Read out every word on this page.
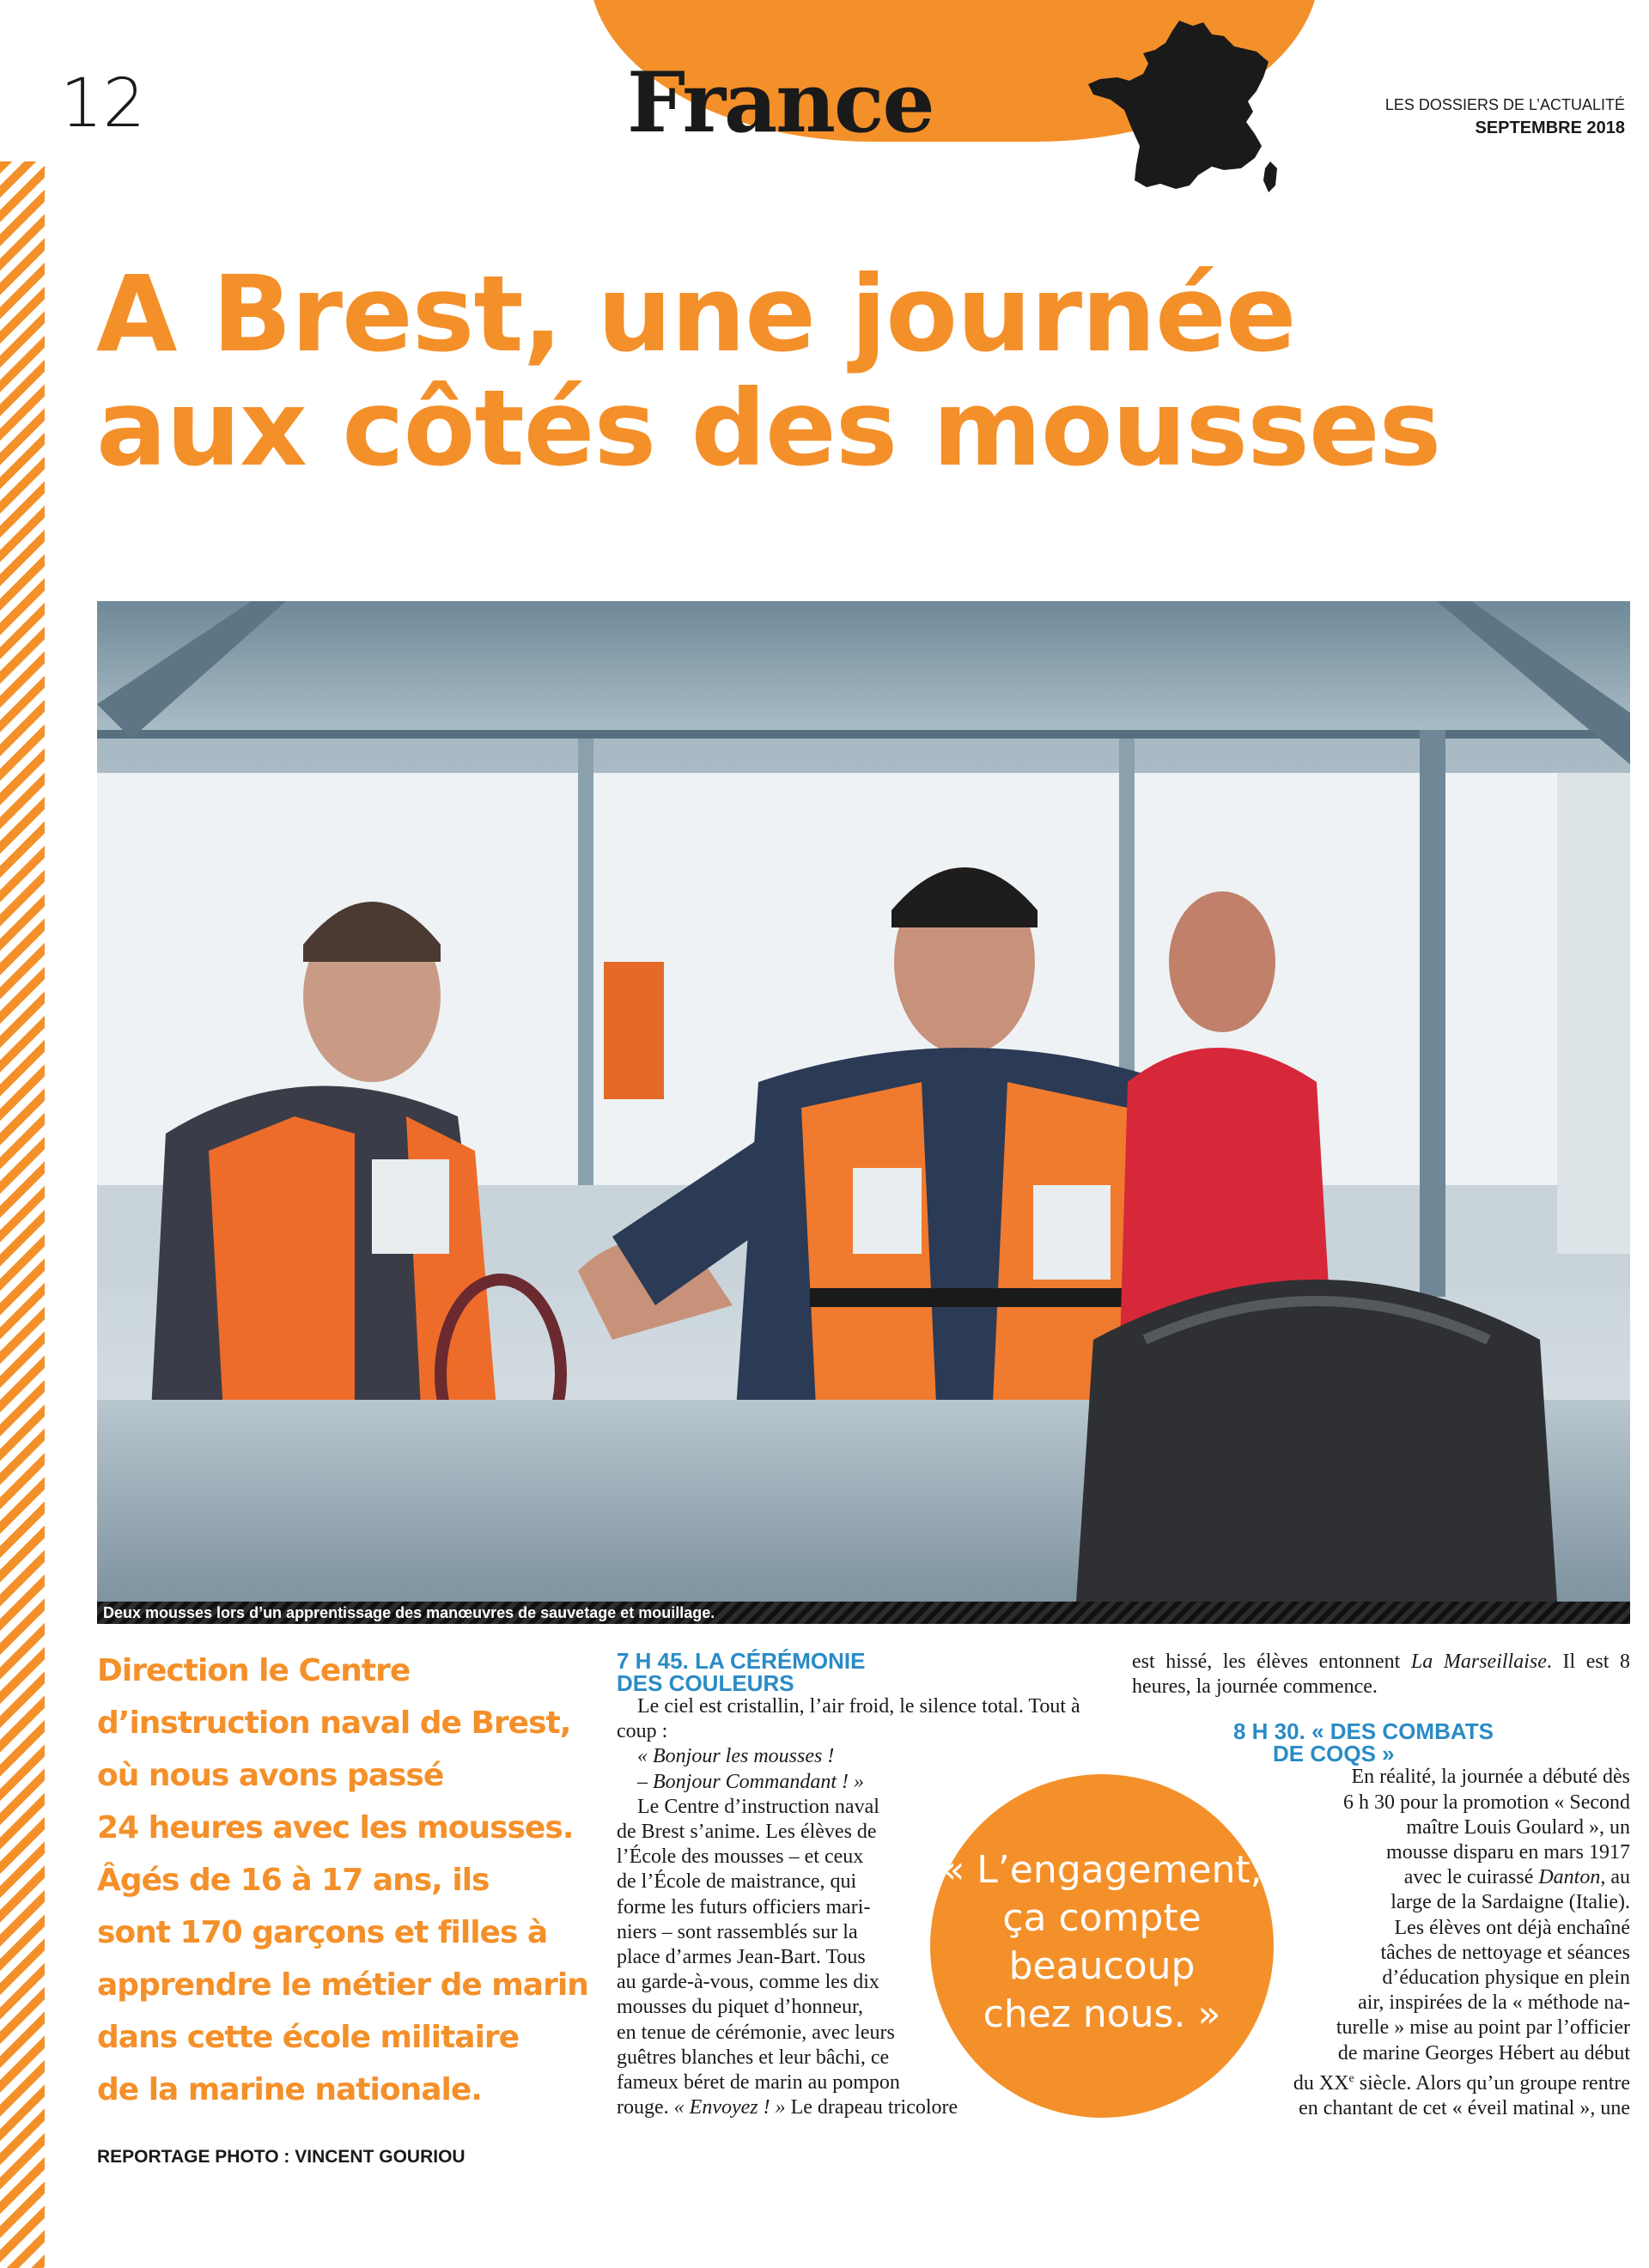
12	France	LES DOSSIERS DE L’ACTUALITÉ
SEPTEMBRE 2018
A Brest, une journée
aux côtés des mousses
Deux mousses lors d’un apprentissage des manœuvres de sauvetage et mouillage.

Direction le Centre
d’instruction naval de Brest,
où nous avons passé
24 heures avec les mousses.
Âgés de 16 à 17 ans, ils
sont 170 garçons et filles à
apprendre le métier de marin
dans cette école militaire
de la marine nationale.

REPORTAGE PHOTO : VINCENT GOURIOU

7 H 45. LA CÉRÉMONIE
DES COULEURS

Le ciel est cristallin, l’air froid, le silence total. Tout à coup :

« Bonjour les mousses !

– Bonjour Commandant ! »

Le Centre d’instruction naval

de Brest s’anime. Les élèves de

l’École des mousses – et ceux

de l’École de maistrance, qui

forme les futurs officiers mari-

niers – sont rassemblés sur la

place d’armes Jean-Bart. Tous

au garde-à-vous, comme les dix

mousses du piquet d’honneur,

en tenue de cérémonie, avec leurs

guêtres blanches et leur bâchi, ce

fameux béret de marin au pompon

rouge. « Envoyez ! » Le drapeau tricolore

est hissé, les élèves entonnent La Marseillaise. Il est 8 heures, la journée commence.

8 H 30. « DES COMBATS
DE COQS »

En réalité, la journée a débuté dès

6 h 30 pour la promotion « Second

maître Louis Goulard », un

mousse disparu en mars 1917

avec le cuirassé Danton, au

large de la Sardaigne (Italie).

Les élèves ont déjà enchaîné

tâches de nettoyage et séances

d’éducation physique en plein

air, inspirées de la « méthode na-

turelle » mise au point par l’officier

de marine Georges Hébert au début

du XXe siècle. Alors qu’un groupe rentre

en chantant de cet « éveil matinal », une

« L’engagement,
ça compte
beaucoup
chez nous. »
